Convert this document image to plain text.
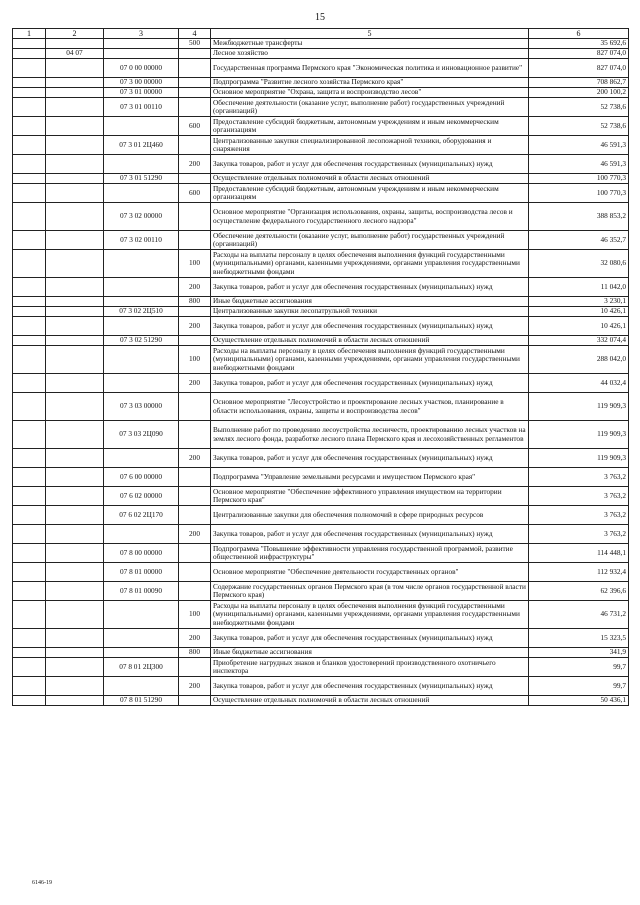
15
1	2	3	4	5	6
			500	Межбюджетные трансферты	35 692,6
	04 07			Лесное хозяйство	827 074,0
		07 0 00 00000		Государственная программа Пермского края "Экономическая политика и инновационное развитие"	827 074,0
		07 3 00 00000		Подпрограмма "Развитие лесного хозяйства Пермского края"	708 862,7
		07 3 01 00000		Основное мероприятие "Охрана, защита и воспроизводство лесов"	200 100,2
		07 3 01 00110		Обеспечение деятельности (оказание услуг, выполнение работ) государственных учреждений (организаций)	52 738,6
			600	Предоставление субсидий бюджетным, автономным учреждениям и иным некоммерческим организациям	52 738,6
		07 3 01 2Ц460		Централизованные закупки специализированной лесопожарной техники, оборудования и снаряжения	46 591,3
			200	Закупка товаров, работ и услуг для обеспечения государственных (муниципальных) нужд	46 591,3
		07 3 01 51290		Осуществление отдельных полномочий в области лесных отношений	100 770,3
			600	Предоставление субсидий бюджетным, автономным учреждениям и иным некоммерческим организациям	100 770,3
		07 3 02 00000		Основное мероприятие "Организация использования, охраны, защиты, воспроизводства лесов и осуществление федерального государственного лесного надзора"	388 853,2
		07 3 02 00110		Обеспечение деятельности (оказание услуг, выполнение работ) государственных учреждений (организаций)	46 352,7
			100	Расходы на выплаты персоналу в целях обеспечения выполнения функций государственными (муниципальными) органами, казенными учреждениями, органами управления государственными внебюджетными фондами	32 080,6
			200	Закупка товаров, работ и услуг для обеспечения государственных (муниципальных) нужд	11 042,0
			800	Иные бюджетные ассигнования	3 230,1
		07 3 02 2Ц510		Централизованные закупки лесопатрульной техники	10 426,1
			200	Закупка товаров, работ и услуг для обеспечения государственных (муниципальных) нужд	10 426,1
		07 3 02 51290		Осуществление отдельных полномочий в области лесных отношений	332 074,4
			100	Расходы на выплаты персоналу в целях обеспечения выполнения функций государственными (муниципальными) органами, казенными учреждениями, органами управления государственными внебюджетными фондами	288 042,0
			200	Закупка товаров, работ и услуг для обеспечения государственных (муниципальных) нужд	44 032,4
		07 3 03 00000		Основное мероприятие "Лесоустройство и проектирование лесных участков, планирование в области использования, охраны, защиты и воспроизводства лесов"	119 909,3
		07 3 03 2Ц090		Выполнение работ по проведению лесоустройства лесничеств, проектированию лесных участков на землях лесного фонда, разработке лесного плана Пермского края и лесохозяйственных регламентов	119 909,3
			200	Закупка товаров, работ и услуг для обеспечения государственных (муниципальных) нужд	119 909,3
		07 6 00 00000		Подпрограмма "Управление земельными ресурсами и имуществом Пермского края"	3 763,2
		07 6 02 00000		Основное мероприятие "Обеспечение эффективного управления имуществом на территории Пермского края"	3 763,2
		07 6 02 2Ц170		Централизованные закупки для обеспечения полномочий в сфере природных ресурсов	3 763,2
			200	Закупка товаров, работ и услуг для обеспечения государственных (муниципальных) нужд	3 763,2
		07 8 00 00000		Подпрограмма "Повышение эффективности управления государственной программой, развитие общественной инфраструктуры"	114 448,1
		07 8 01 00000		Основное мероприятие "Обеспечение деятельности государственных органов"	112 932,4
		07 8 01 00090		Содержание государственных органов Пермского края (в том числе органов государственной власти Пермского края)	62 396,6
			100	Расходы на выплаты персоналу в целях обеспечения выполнения функций государственными (муниципальными) органами, казенными учреждениями, органами управления государственными внебюджетными фондами	46 731,2
			200	Закупка товаров, работ и услуг для обеспечения государственных (муниципальных) нужд	15 323,5
			800	Иные бюджетные ассигнования	341,9
		07 8 01 2Ц300		Приобретение нагрудных знаков и бланков удостоверений производственного охотничьего инспектора	99,7
			200	Закупка товаров, работ и услуг для обеспечения государственных (муниципальных) нужд	99,7
		07 8 01 51290		Осуществление отдельных полномочий в области лесных отношений	50 436,1
6146-19
